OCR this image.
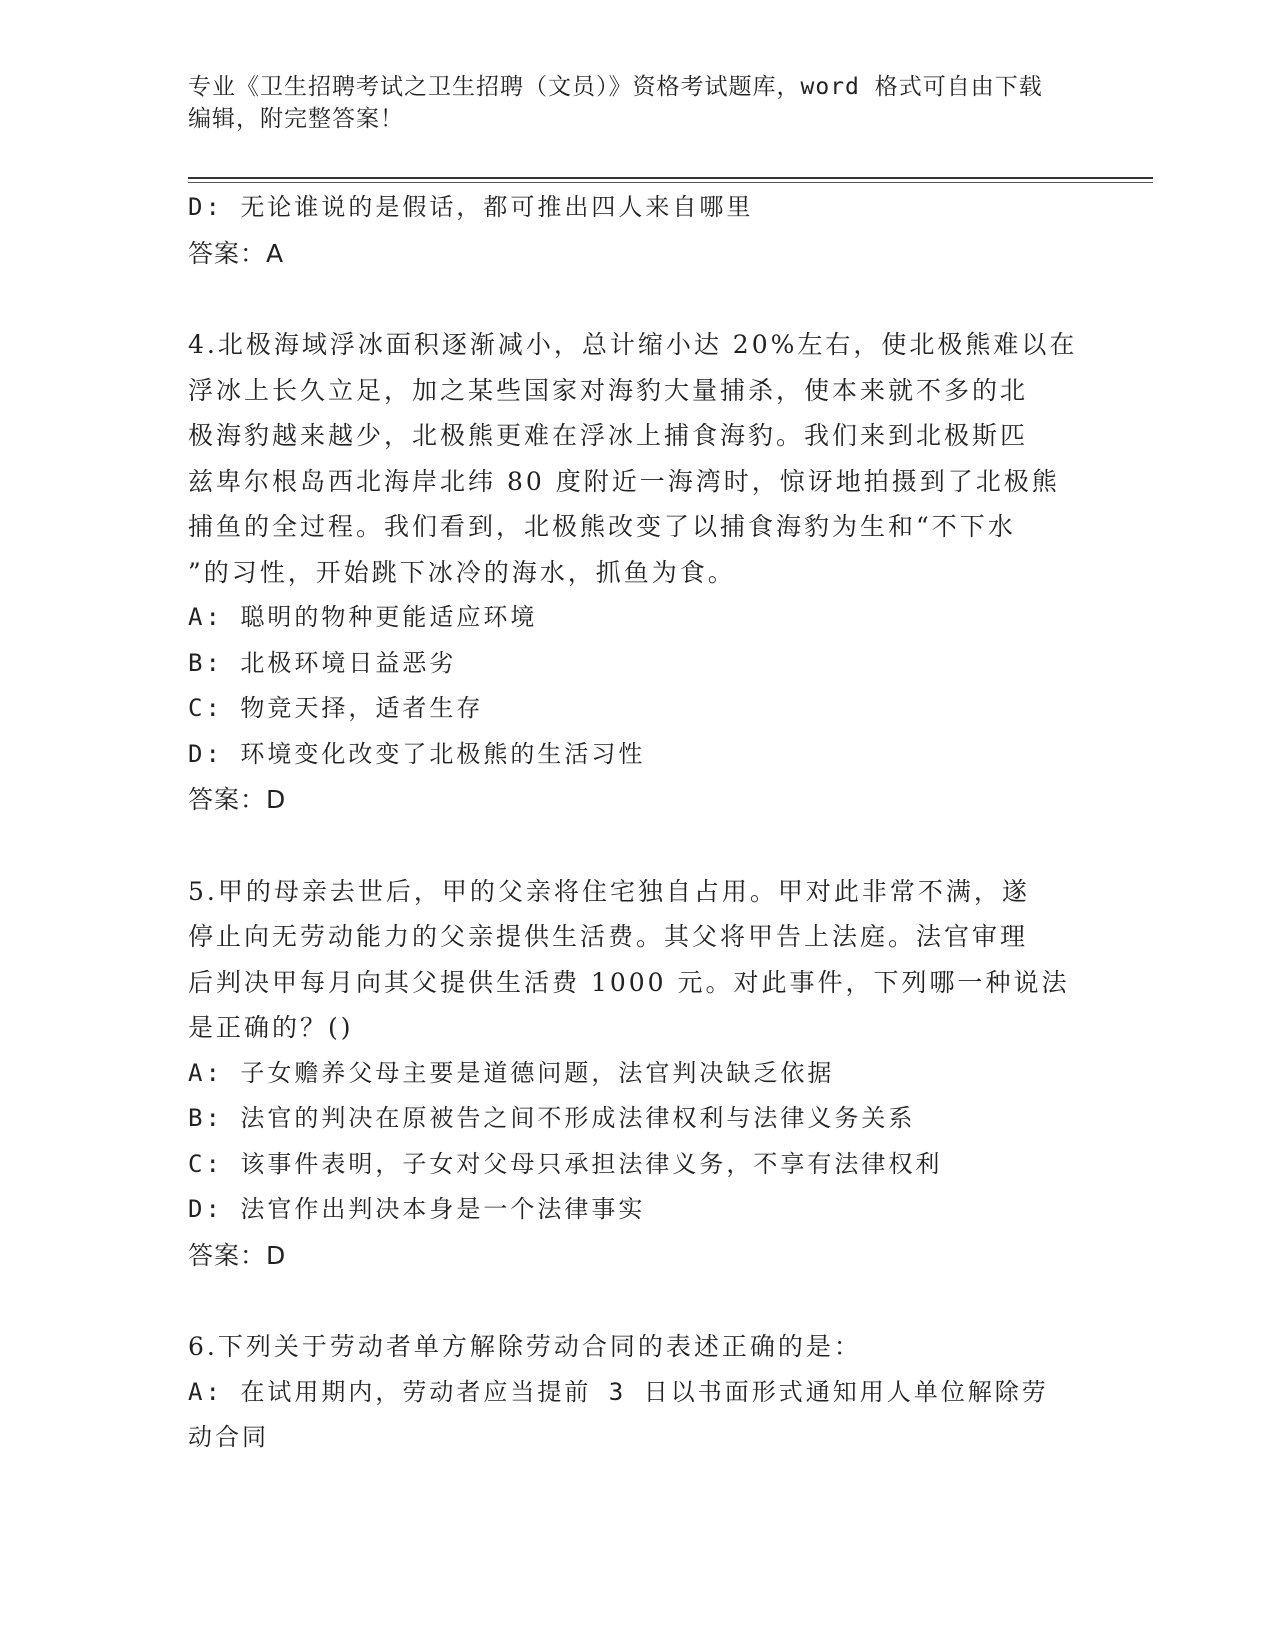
专业《卫生招聘考试之卫生招聘（文员）》资格考试题库，word 格式可自由下载
编辑，附完整答案！
D: 无论谁说的是假话，都可推出四人来自哪里
答案：A
4.北极海域浮冰面积逐渐减小，总计缩小达 20%左右，使北极熊难以在
浮冰上长久立足，加之某些国家对海豹大量捕杀，使本来就不多的北
极海豹越来越少，北极熊更难在浮冰上捕食海豹。我们来到北极斯匹
兹卑尔根岛西北海岸北纬 80 度附近一海湾时，惊讶地拍摄到了北极熊
捕鱼的全过程。我们看到，北极熊改变了以捕食海豹为生和“不下水
”的习性，开始跳下冰冷的海水，抓鱼为食。
A: 聪明的物种更能适应环境
B: 北极环境日益恶劣
C: 物竞天择，适者生存
D: 环境变化改变了北极熊的生活习性
答案：D
5.甲的母亲去世后，甲的父亲将住宅独自占用。甲对此非常不满，遂
停止向无劳动能力的父亲提供生活费。其父将甲告上法庭。法官审理
后判决甲每月向其父提供生活费 1000 元。对此事件，下列哪一种说法
是正确的？()
A: 子女赡养父母主要是道德问题，法官判决缺乏依据
B: 法官的判决在原被告之间不形成法律权利与法律义务关系
C: 该事件表明，子女对父母只承担法律义务，不享有法律权利
D: 法官作出判决本身是一个法律事实
答案：D
6.下列关于劳动者单方解除劳动合同的表述正确的是：
A: 在试用期内，劳动者应当提前 3 日以书面形式通知用人单位解除劳
动合同
